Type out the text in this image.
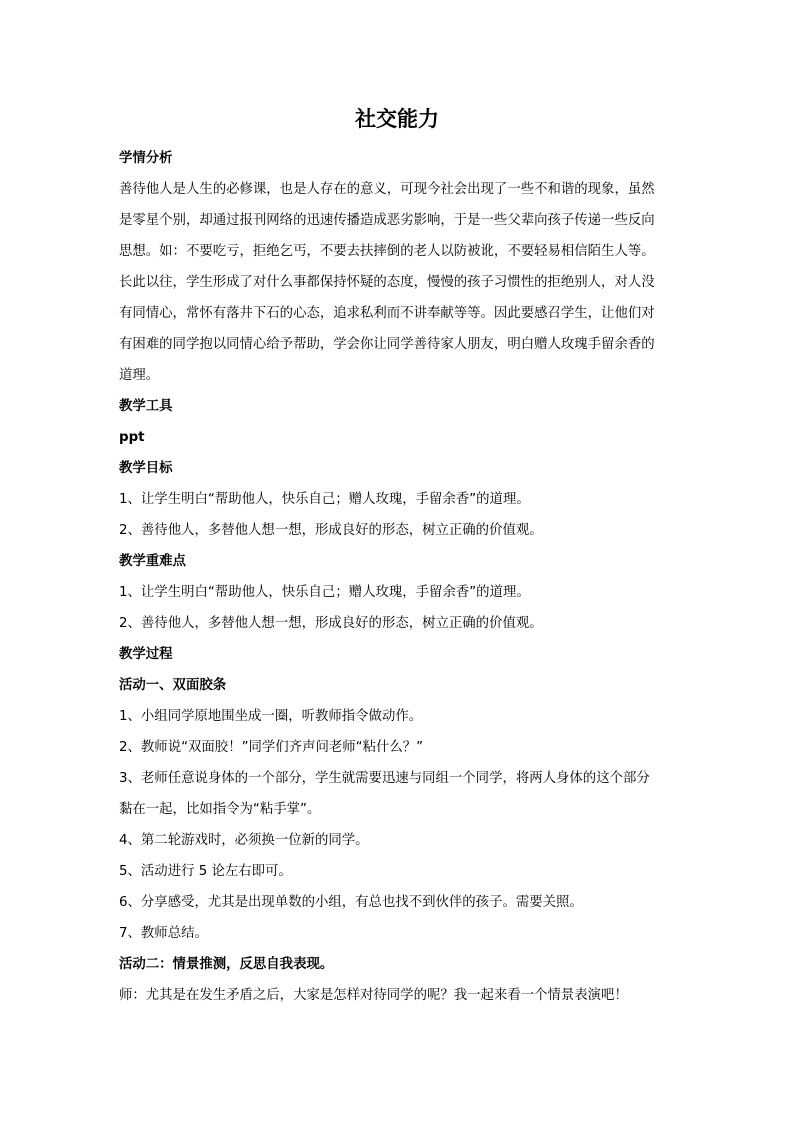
社交能力
学情分析
善待他人是人生的必修课，也是人存在的意义，可现今社会出现了一些不和谐的现象，虽然
是零星个别，却通过报刊网络的迅速传播造成恶劣影响，于是一些父辈向孩子传递一些反向
思想。如：不要吃亏，拒绝乞丐，不要去扶摔倒的老人以防被讹，不要轻易相信陌生人等。
长此以往，学生形成了对什么事都保持怀疑的态度，慢慢的孩子习惯性的拒绝别人，对人没
有同情心，常怀有落井下石的心态，追求私利而不讲奉献等等。因此要感召学生，让他们对
有困难的同学抱以同情心给予帮助，学会你让同学善待家人朋友，明白赠人玫瑰手留余香的
道理。
教学工具
ppt
教学目标
1、让学生明白“帮助他人，快乐自己；赠人玫瑰，手留余香”的道理。
2、善待他人，多替他人想一想，形成良好的形态，树立正确的价值观。
教学重难点
1、让学生明白“帮助他人，快乐自己；赠人玫瑰，手留余香”的道理。
2、善待他人，多替他人想一想，形成良好的形态，树立正确的价值观。
教学过程
活动一、双面胶条
1、小组同学原地围坐成一圈，听教师指令做动作。
2、教师说“双面胶！”同学们齐声问老师“粘什么？”
3、老师任意说身体的一个部分，学生就需要迅速与同组一个同学，将两人身体的这个部分
黏在一起，比如指令为“粘手掌”。
4、第二轮游戏时，必须换一位新的同学。
5、活动进行 5 论左右即可。
6、分享感受，尤其是出现单数的小组，有总也找不到伙伴的孩子。需要关照。
7、教师总结。
活动二：情景推测，反思自我表现。
师：尤其是在发生矛盾之后，大家是怎样对待同学的呢？我一起来看一个情景表演吧！
